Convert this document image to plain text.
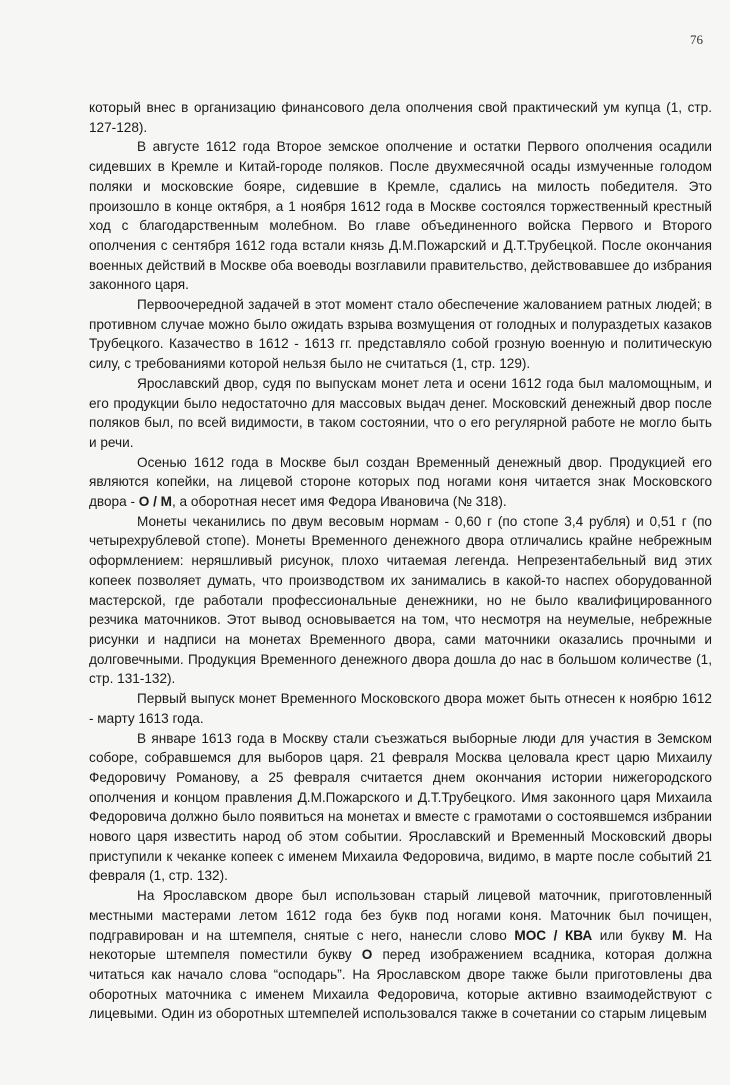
76

который внес в организацию финансового дела ополчения свой практический ум купца (1, стр. 127-128).

В августе 1612 года Второе земское ополчение и остатки Первого ополчения осадили сидевших в Кремле и Китай-городе поляков. После двухмесячной осады измученные голодом поляки и московские бояре, сидевшие в Кремле, сдались на милость победителя. Это произошло в конце октября, а 1 ноября 1612 года в Москве состоялся торжественный крестный ход с благодарственным молебном. Во главе объединенного войска Первого и Второго ополчения с сентября 1612 года встали князь Д.М.Пожарский и Д.Т.Трубецкой. После окончания военных действий в Москве оба воеводы возглавили правительство, действовавшее до избрания законного царя.

Первоочередной задачей в этот момент стало обеспечение жалованием ратных людей; в противном случае можно было ожидать взрыва возмущения от голодных и полураздетых казаков Трубецкого. Казачество в 1612 - 1613 гг. представляло собой грозную военную и политическую силу, с требованиями которой нельзя было не считаться (1, стр. 129).

Ярославский двор, судя по выпускам монет лета и осени 1612 года был маломощным, и его продукции было недостаточно для массовых выдач денег. Московский денежный двор после поляков был, по всей видимости, в таком состоянии, что о его регулярной работе не могло быть и речи.

Осенью 1612 года в Москве был создан Временный денежный двор. Продукцией его являются копейки, на лицевой стороне которых под ногами коня читается знак Московского двора - О / М, а оборотная несет имя Федора Ивановича (№ 318).

Монеты чеканились по двум весовым нормам - 0,60 г (по стопе 3,4 рубля) и 0,51 г (по четырехрублевой стопе). Монеты Временного денежного двора отличались крайне небрежным оформлением: неряшливый рисунок, плохо читаемая легенда. Непрезентабельный вид этих копеек позволяет думать, что производством их занимались в какой-то наспех оборудованной мастерской, где работали профессиональные денежники, но не было квалифицированного резчика маточников. Этот вывод основывается на том, что несмотря на неумелые, небрежные рисунки и надписи на монетах Временного двора, сами маточники оказались прочными и долговечными. Продукция Временного денежного двора дошла до нас в большом количестве (1, стр. 131-132).

Первый выпуск монет Временного Московского двора может быть отнесен к ноябрю 1612 - марту 1613 года.

В январе 1613 года в Москву стали съезжаться выборные люди для участия в Земском соборе, собравшемся для выборов царя. 21 февраля Москва целовала крест царю Михаилу Федоровичу Романову, а 25 февраля считается днем окончания истории нижегородского ополчения и концом правления Д.М.Пожарского и Д.Т.Трубецкого. Имя законного царя Михаила Федоровича должно было появиться на монетах и вместе с грамотами о состоявшемся избрании нового царя известить народ об этом событии. Ярославский и Временный Московский дворы приступили к чеканке копеек с именем Михаила Федоровича, видимо, в марте после событий 21 февраля (1, стр. 132).

На Ярославском дворе был использован старый лицевой маточник, приготовленный местными мастерами летом 1612 года без букв под ногами коня. Маточник был почищен, подгравирован и на штемпеля, снятые с него, нанесли слово МОС / КВА или букву М. На некоторые штемпеля поместили букву О перед изображением всадника, которая должна читаться как начало слова “осподарь”. На Ярославском дворе также были приготовлены два оборотных маточника с именем Михаила Федоровича, которые активно взаимодействуют с лицевыми. Один из оборотных штемпелей использовался также в сочетании со старым лицевым
